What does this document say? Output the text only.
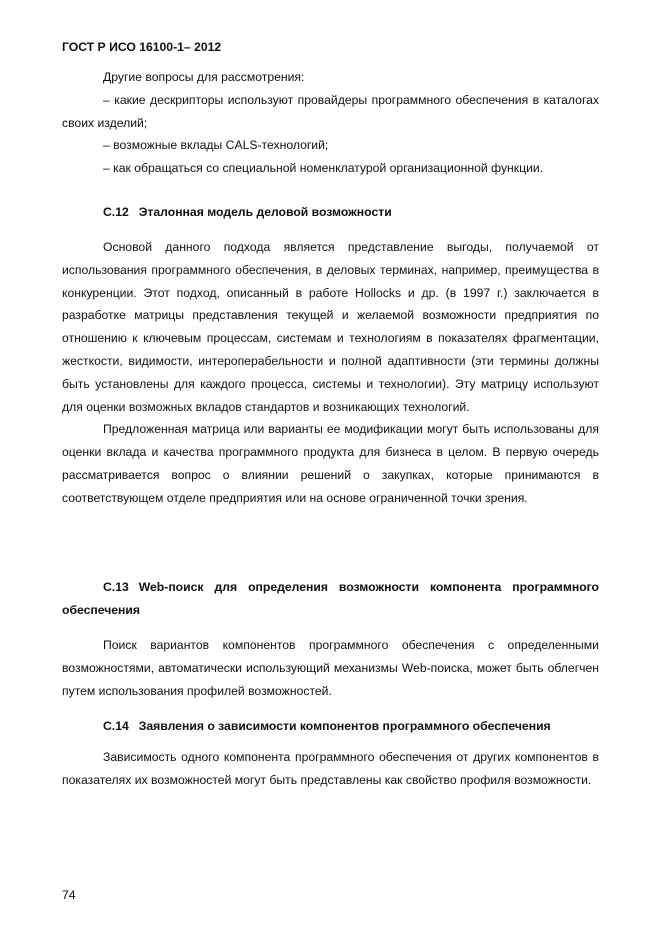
ГОСТ Р ИСО 16100-1– 2012

Другие вопросы для рассмотрения:

– какие дескрипторы используют провайдеры программного обеспечения в каталогах своих изделий;

– возможные вклады CALS-технологий;

– как обращаться со специальной номенклатурой организационной функции.

С.12 Эталонная модель деловой возможности

Основой данного подхода является представление выгоды, получаемой от использования программного обеспечения, в деловых терминах, например, преимущества в конкуренции. Этот подход, описанный в работе Hollocks и др. (в 1997 г.) заключается в разработке матрицы представления текущей и желаемой возможности предприятия по отношению к ключевым процессам, системам и технологиям в показателях фрагментации, жесткости, видимости, интероперабельности и полной адаптивности (эти термины должны быть установлены для каждого процесса, системы и технологии). Эту матрицу используют для оценки возможных вкладов стандартов и возникающих технологий.

Предложенная матрица или варианты ее модификации могут быть использованы для оценки вклада и качества программного продукта для бизнеса в целом. В первую очередь рассматривается вопрос о влиянии решений о закупках, которые принимаются в соответствующем отделе предприятия или на основе ограниченной точки зрения.

С.13 Web-поиск для определения возможности компонента программного обеспечения

Поиск вариантов компонентов программного обеспечения с определенными возможностями, автоматически использующий механизмы Web-поиска, может быть облегчен путем использования профилей возможностей.

С.14 Заявления о зависимости компонентов программного обеспечения

Зависимость одного компонента программного обеспечения от других компонентов в показателях их возможностей могут быть представлены как свойство профиля возможности.

74
